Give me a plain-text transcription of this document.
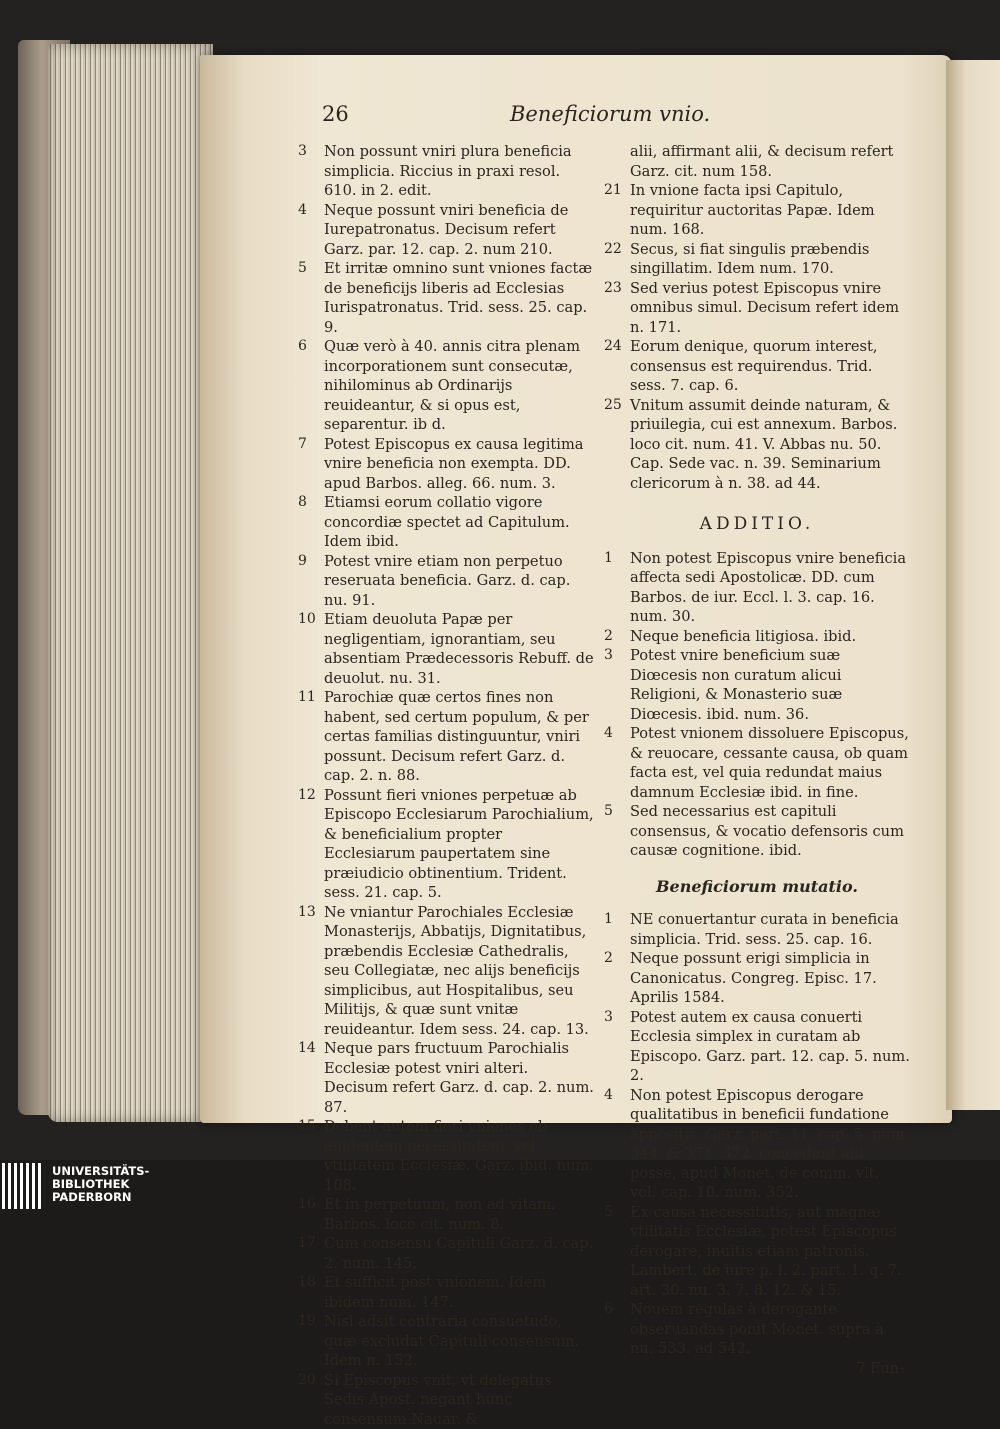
26	Beneficiorum vnio.
3	Non possunt vniri plura beneficia simplicia. Riccius in praxi resol. 610. in 2. edit.
4	Neque possunt vniri beneficia de Iurepatronatus. Decisum refert Garz. par. 12. cap. 2. num 210.
5	Et irritæ omnino sunt vniones factæ de beneficijs liberis ad Ecclesias Iurispatronatus. Trid. sess. 25. cap. 9.
6	Quæ verò à 40. annis citra plenam incorporationem sunt consecutæ, nihilominus ab Ordinarijs reuideantur, & si opus est, separentur. ib d.
7	Potest Episcopus ex causa legitima vnire beneficia non exempta. DD. apud Barbos. alleg. 66. num. 3.
8	Etiamsi eorum collatio vigore concordiæ spectet ad Capitulum. Idem ibid.
9	Potest vnire etiam non perpetuo reseruata beneficia. Garz. d. cap. nu. 91.
10 Etiam deuoluta Papæ per negligentiam, ignorantiam, seu absentiam Prædecessoris Rebuff. de deuolut. nu. 31.
11 Parochiæ quæ certos fines non habent, sed certum populum, & per certas familias distinguuntur, vniri possunt. Decisum refert Garz. d. cap. 2. n. 88.
12 Possunt fieri vniones perpetuæ ab Episcopo Ecclesiarum Parochialium, & beneficialium propter Ecclesiarum paupertatem sine præiudicio obtinentium. Trident. sess. 21. cap. 5.
13 Ne vniantur Parochiales Ecclesiæ Monasterijs, Abbatijs, Dignitatibus, præbendis Ecclesiæ Cathedralis, seu Collegiatæ, nec alijs beneficijs simplicibus, aut Hospitalibus, seu Militijs, & quæ sunt vnitæ reuideantur. Idem sess. 24. cap. 13.
14 Neque pars fructuum Parochialis Ecclesiæ potest vniri alteri. Decisum refert Garz. d. cap. 2. num. 87.
15 Debent autem fieri vniones ob euidentem necessitatem, vel vtilitatem Ecclesiæ. Garz. ibid. num. 108.
16 Et in perpetuum, non ad vitam. Barbos. loco cit. num. 8.
17 Cum consensu Capituli Garz. d. cap. 2. num. 145.
18 Et sufficit post vnionem. Idem ibidem num. 147.
19 Nisi adsit contraria consuetudo, quæ excludat Capituli consensum. Idem n. 152.
20 Si Episcopus vnit, vt delegatus Sedis Apost. negant hunc consensum Nauar. &
alii, affirmant alii, & decisum refert Garz. cit. num 158.
21 In vnione facta ipsi Capitulo, requiritur auctoritas Papæ. Idem num. 168.
22 Secus, si fiat singulis præbendis singillatim. Idem num. 170.
23 Sed verius potest Episcopus vnire omnibus simul. Decisum refert idem n. 171.
24 Eorum denique, quorum interest, consensus est requirendus. Trid. sess. 7. cap. 6.
25 Vnitum assumit deinde naturam, & priuilegia, cui est annexum. Barbos. loco cit. num. 41. V. Abbas nu. 50. Cap. Sede vac. n. 39. Seminarium clericorum à n. 38. ad 44.
ADDITIO.
1	Non potest Episcopus vnire beneficia affecta sedi Apostolicæ. DD. cum Barbos. de iur. Eccl. l. 3. cap. 16. num. 30.
2	Neque beneficia litigiosa. ibid.
3	Potest vnire beneficium suæ Diœcesis non curatum alicui Religioni, & Monasterio suæ Diœcesis. ibid. num. 36.
4	Potest vnionem dissoluere Episcopus, & reuocare, cessante causa, ob quam facta est, vel quia redundat maius damnum Ecclesiæ ibid. in fine.
5	Sed necessarius est capituli consensus, & vocatio defensoris cum causæ cognitione. ibid.
Beneficiorum mutatio.
1	NE conuertantur curata in beneficia simplicia. Trid. sess. 25. cap. 16.
2	Neque possunt erigi simplicia in Canonicatus. Congreg. Episc. 17. Aprilis 1584.
3	Potest autem ex causa conuerti Ecclesia simplex in curatam ab Episcopo. Garz. part. 12. cap. 5. num. 2.
4	Non potest Episcopus derogare qualitatibus in beneficii fundatione appositis. Garz. part. 11. cap. 5. num. 344. & 371. 372. concedunt alii posse, apud Monet. de comm. vlt. vol. cap. 10. num. 352.
5	Ex causa necessitatis, aut magnæ vtilitatis Ecclesiæ, potest Episcopus derogare, inuitis etiam patronis. Lambert. de iure p. l. 2. part. 1. q. 7. art. 30. nu. 3. 7. 8. 12. & 15.
6	Nouem regulas à derogante obseruandas ponit Monet. supra à nu. 533. ad 542.
7 Fun-
UNIVERSITÄTS-
BIBLIOTHEK
PADERBORN
